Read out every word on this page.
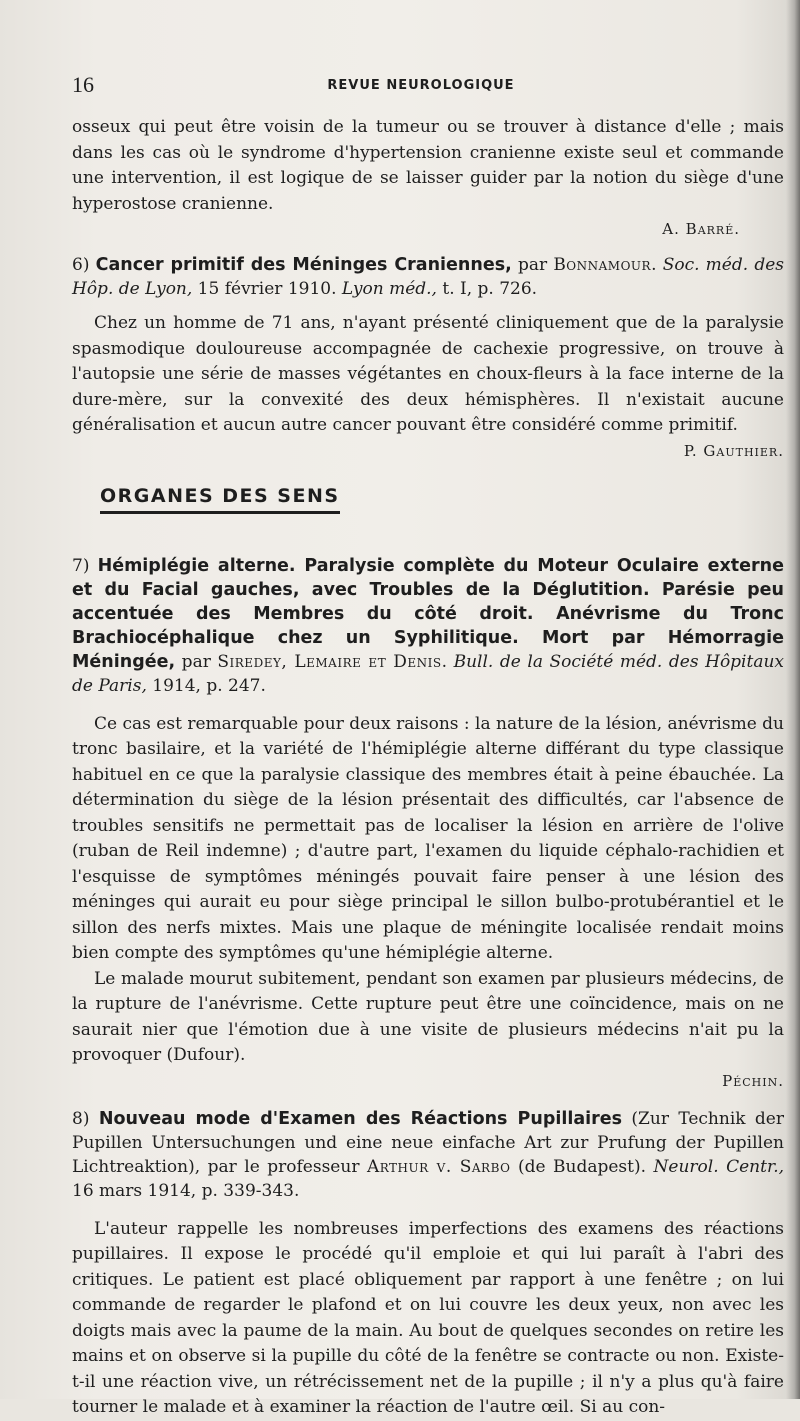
16	REVUE NEUROLOGIQUE

osseux qui peut être voisin de la tumeur ou se trouver à distance d'elle ; mais dans les cas où le syndrome d'hypertension cranienne existe seul et commande une intervention, il est logique de se laisser guider par la notion du siège d'une hyperostose cranienne.

A. Barré.

6) Cancer primitif des Méninges Craniennes, par Bonnamour. Soc. méd. des Hôp. de Lyon, 15 février 1910. Lyon méd., t. I, p. 726.

Chez un homme de 71 ans, n'ayant présenté cliniquement que de la paralysie spasmodique douloureuse accompagnée de cachexie progressive, on trouve à l'autopsie une série de masses végétantes en choux-fleurs à la face interne de la dure-mère, sur la convexité des deux hémisphères. Il n'existait aucune généralisation et aucun autre cancer pouvant être considéré comme primitif.

P. Gauthier.

ORGANES DES SENS

7) Hémiplégie alterne. Paralysie complète du Moteur Oculaire externe et du Facial gauches, avec Troubles de la Déglutition. Parésie peu accentuée des Membres du côté droit. Anévrisme du Tronc Brachiocéphalique chez un Syphilitique. Mort par Hémorragie Méningée, par Siredey, Lemaire et Denis. Bull. de la Société méd. des Hôpitaux de Paris, 1914, p. 247.

Ce cas est remarquable pour deux raisons : la nature de la lésion, anévrisme du tronc basilaire, et la variété de l'hémiplégie alterne différant du type classique habituel en ce que la paralysie classique des membres était à peine ébauchée. La détermination du siège de la lésion présentait des difficultés, car l'absence de troubles sensitifs ne permettait pas de localiser la lésion en arrière de l'olive (ruban de Reil indemne) ; d'autre part, l'examen du liquide céphalo-rachidien et l'esquisse de symptômes méningés pouvait faire penser à une lésion des méninges qui aurait eu pour siège principal le sillon bulbo-protubérantiel et le sillon des nerfs mixtes. Mais une plaque de méningite localisée rendait moins bien compte des symptômes qu'une hémiplégie alterne.

Le malade mourut subitement, pendant son examen par plusieurs médecins, de la rupture de l'anévrisme. Cette rupture peut être une coïncidence, mais on ne saurait nier que l'émotion due à une visite de plusieurs médecins n'ait pu la provoquer (Dufour).

Péchin.

8) Nouveau mode d'Examen des Réactions Pupillaires (Zur Technik der Pupillen Untersuchungen und eine neue einfache Art zur Prufung der Pupillen Lichtreaktion), par le professeur Arthur v. Sarbo (de Budapest). Neurol. Centr., 16 mars 1914, p. 339-343.

L'auteur rappelle les nombreuses imperfections des examens des réactions pupillaires. Il expose le procédé qu'il emploie et qui lui paraît à l'abri des critiques. Le patient est placé obliquement par rapport à une fenêtre ; on lui commande de regarder le plafond et on lui couvre les deux yeux, non avec les doigts mais avec la paume de la main. Au bout de quelques secondes on retire les mains et on observe si la pupille du côté de la fenêtre se contracte ou non. Existe-t-il une réaction vive, un rétrécissement net de la pupille ; il n'y a plus qu'à faire tourner le malade et à examiner la réaction de l'autre œil. Si au con-
